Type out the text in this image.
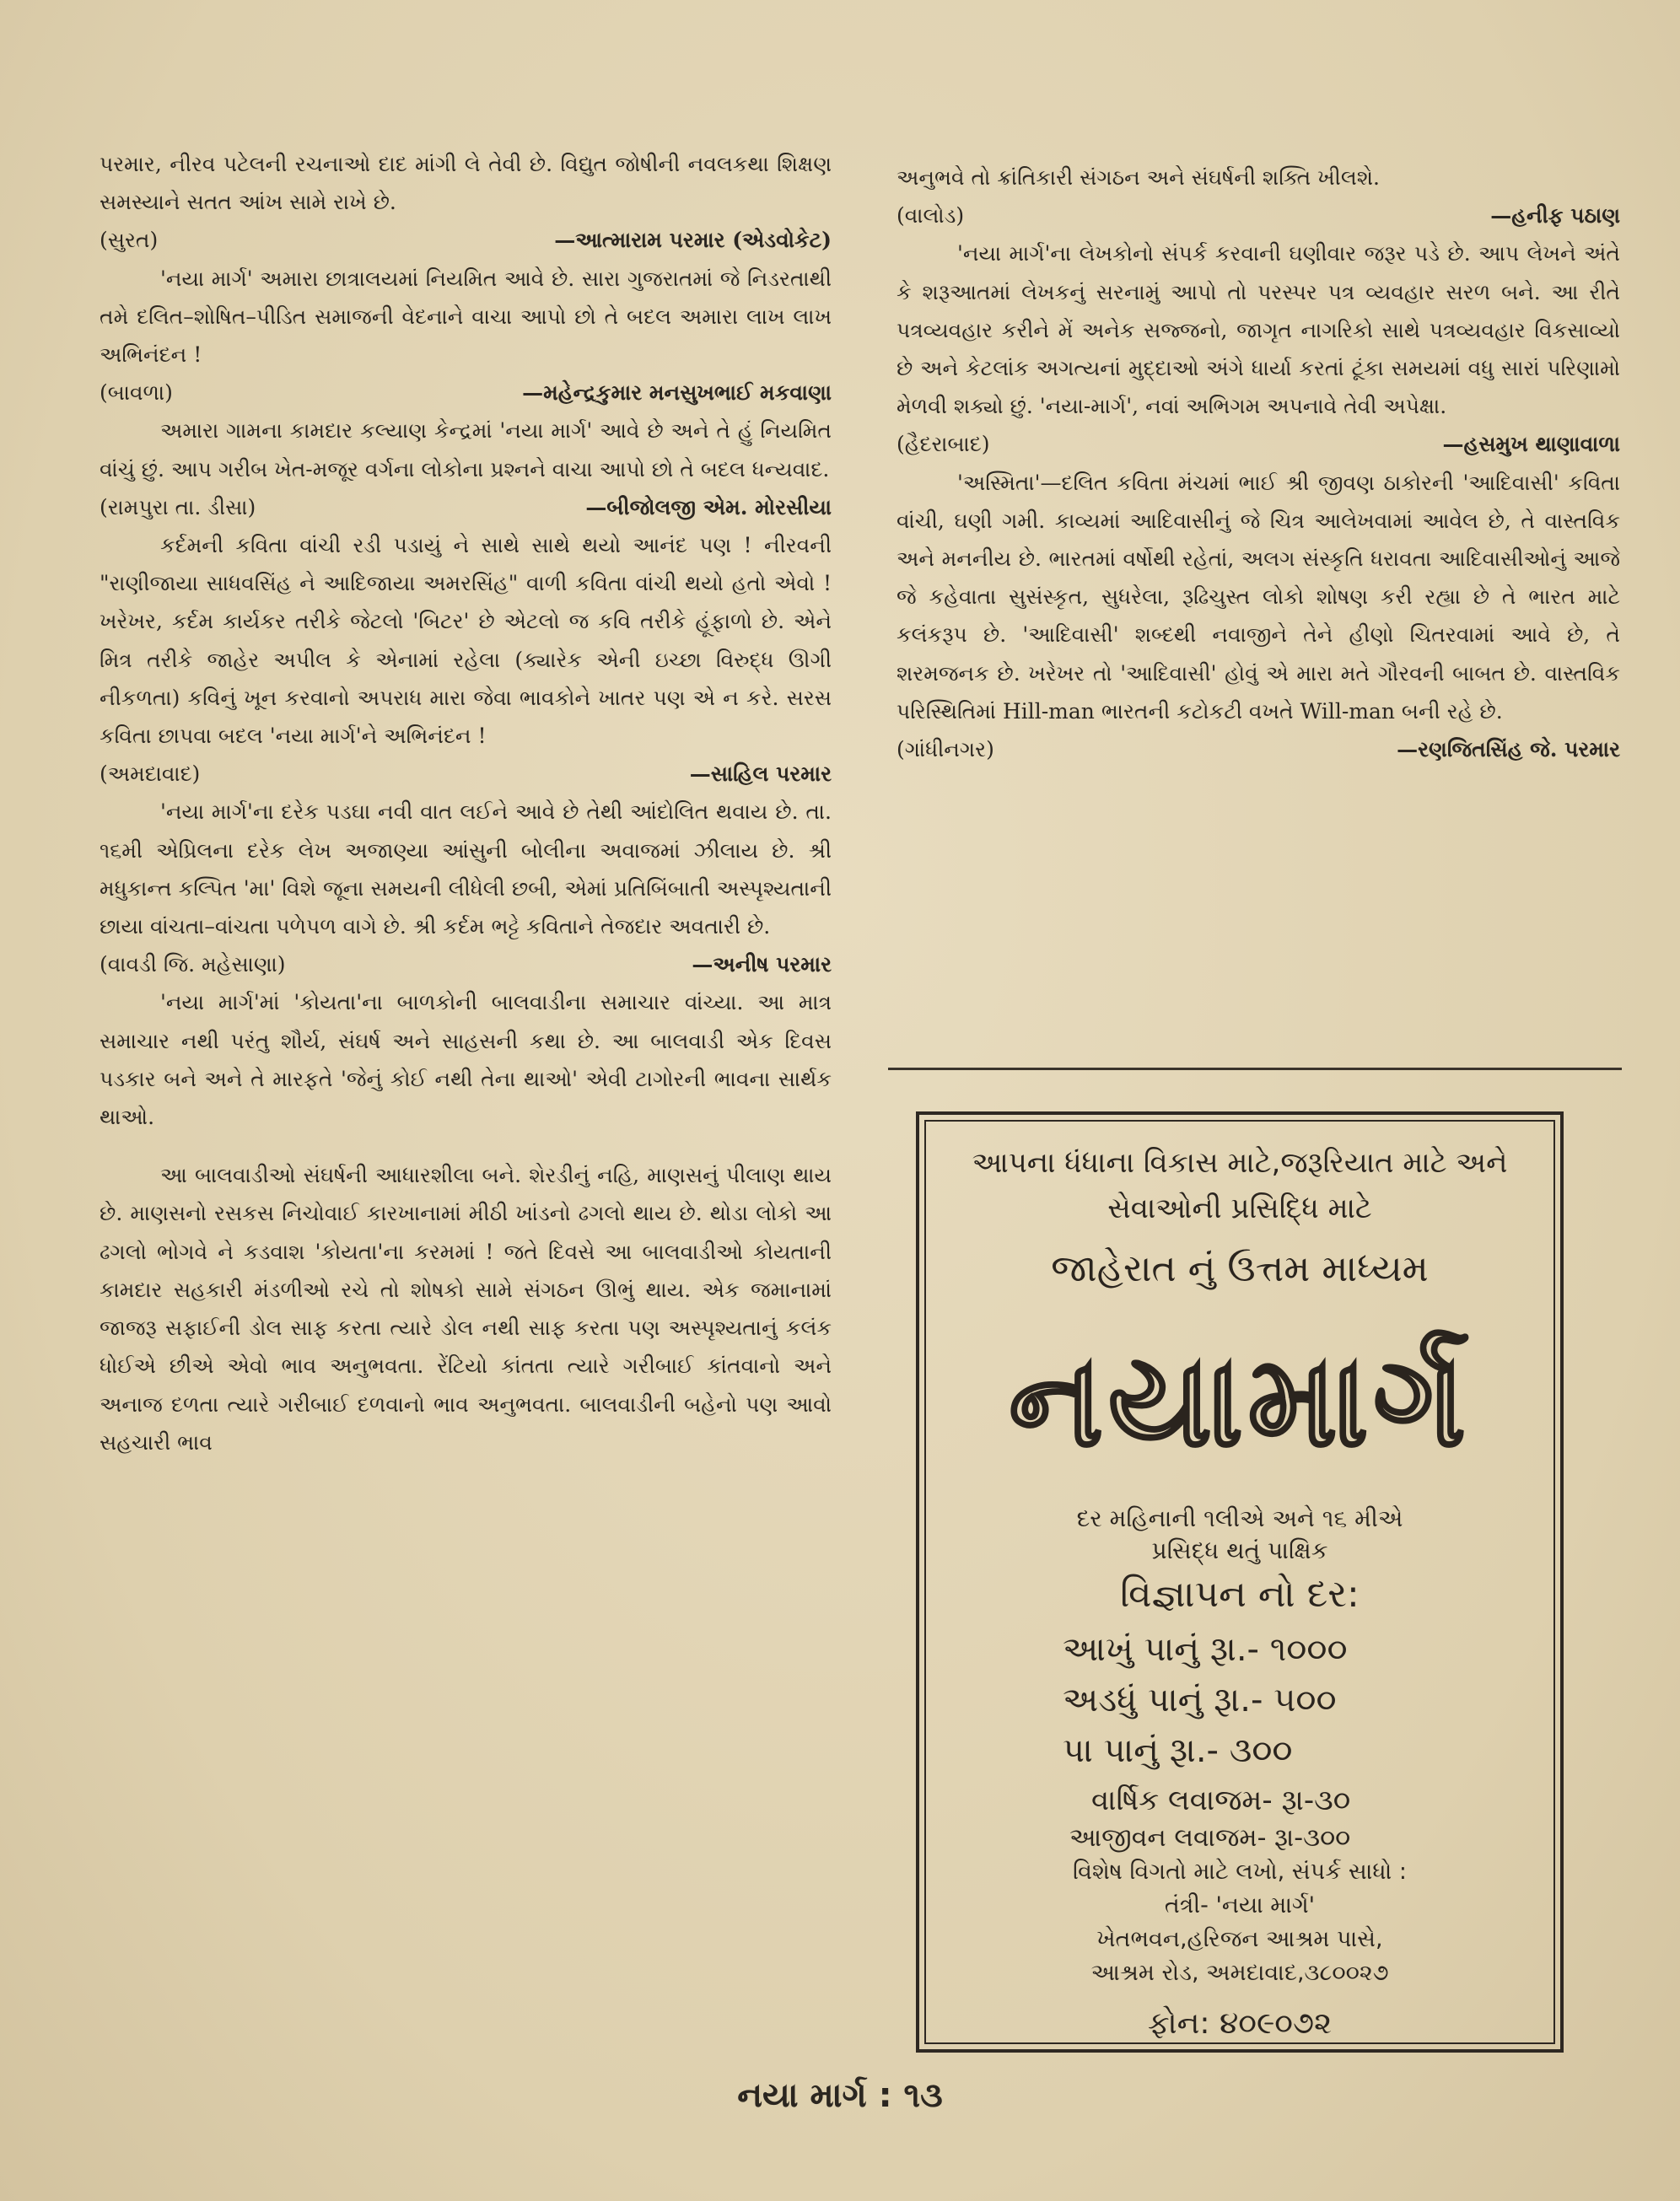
પરમાર, નીરવ પટેલની રચનાઓ દાદ માંગી લે તેવી છે. વિદ્યુત જોષીની નવલકથા શિક્ષણ સમસ્યાને સતત આંખ સામે રાખે છે.

(સુરત)	—આત્મારામ પરમાર (એડવોકેટ)

'નયા માર્ગ' અમારા છાત્રાલયમાં નિયમિત આવે છે. સારા ગુજરાતમાં જે નિડરતાથી તમે દલિત–શોષિત–પીડિત સમાજની વેદનાને વાચા આપો છો તે બદલ અમારા લાખ લાખ અભિનંદન !

(બાવળા)	—મહેન્દ્રકુમાર મનસુખભાઈ મકવાણા

અમારા ગામના કામદાર કલ્યાણ કેન્દ્રમાં 'નયા માર્ગ' આવે છે અને તે હું નિયમિત વાંચું છું. આપ ગરીબ ખેત-મજૂર વર્ગના લોકોના પ્રશ્નને વાચા આપો છો તે બદલ ધન્યવાદ.

(રામપુરા તા. ડીસા)	—બીજોલજી એમ. મોરસીયા

કર્દમની કવિતા વાંચી રડી પડાયું ને સાથે સાથે થયો આનંદ પણ ! નીરવની "રાણીજાયા સાધવસિંહ ને આદિજાયા અમરસિંહ" વાળી કવિતા વાંચી થયો હતો એવો ! ખરેખર, કર્દમ કાર્યકર તરીકે જેટલો 'બિટર' છે એટલો જ કવિ તરીકે હૂંફાળો છે. એને મિત્ર તરીકે જાહેર અપીલ કે એનામાં રહેલા (ક્યારેક એની ઇચ્છા વિરુદ્ધ ઊગી નીકળતા) કવિનું ખૂન કરવાનો અપરાધ મારા જેવા ભાવકોને ખાતર પણ એ ન કરે. સરસ કવિતા છાપવા બદલ 'નયા માર્ગ'ને અભિનંદન !

(અમદાવાદ)	—સાહિલ પરમાર

'નયા માર્ગ'ના દરેક પડઘા નવી વાત લઈને આવે છે તેથી આંદોલિત થવાય છે. તા. ૧૬મી એપ્રિલના દરેક લેખ અજાણ્યા આંસુની બોલીના અવાજમાં ઝીલાય છે. શ્રી મધુકાન્ત કલ્પિત 'મા' વિશે જૂના સમયની લીધેલી છબી, એમાં પ્રતિબિંબાતી અસ્પૃશ્યતાની છાયા વાંચતા–વાંચતા પળેપળ વાગે છે. શ્રી કર્દમ ભટ્ટે કવિતાને તેજદાર અવતારી છે.

(વાવડી જિ. મહેસાણા)	—અનીષ પરમાર

'નયા માર્ગ'માં 'કોયતા'ના બાળકોની બાલવાડીના સમાચાર વાંચ્યા. આ માત્ર સમાચાર નથી પરંતુ શૌર્ય, સંઘર્ષ અને સાહસની કથા છે. આ બાલવાડી એક દિવસ પડકાર બને અને તે મારફતે 'જેનું કોઈ નથી તેના થાઓ' એવી ટાગોરની ભાવના સાર્થક થાઓ.

આ બાલવાડીઓ સંઘર્ષની આધારશીલા બને. શેરડીનું નહિ, માણસનું પીલાણ થાય છે. માણસનો રસકસ નિચોવાઈ કારખાનામાં મીઠી ખાંડનો ઢગલો થાય છે. થોડા લોકો આ ઢગલો ભોગવે ને કડવાશ 'કોયતા'ના કરમમાં ! જતે દિવસે આ બાલવાડીઓ કોયતાની કામદાર સહકારી મંડળીઓ રચે તો શોષકો સામે સંગઠન ઊભું થાય. એક જમાનામાં જાજરૂ સફાઈની ડોલ સાફ કરતા ત્યારે ડોલ નથી સાફ કરતા પણ અસ્પૃશ્યતાનું કલંક ધોઈએ છીએ એવો ભાવ અનુભવતા. રેંટિયો કાંતતા ત્યારે ગરીબાઈ કાંતવાનો અને અનાજ દળતા ત્યારે ગરીબાઈ દળવાનો ભાવ અનુભવતા. બાલવાડીની બહેનો પણ આવો સહચારી ભાવ

અનુભવે તો ક્રાંતિકારી સંગઠન અને સંઘર્ષની શક્તિ ખીલશે.

(વાલોડ)	—હનીફ પઠાણ

'નયા માર્ગ'ના લેખકોનો સંપર્ક કરવાની ઘણીવાર જરૂર પડે છે. આપ લેખને અંતે કે શરૂઆતમાં લેખકનું સરનામું આપો તો પરસ્પર પત્ર વ્યવહાર સરળ બને. આ રીતે પત્રવ્યવહાર કરીને મેં અનેક સજ્જનો, જાગૃત નાગરિકો સાથે પત્રવ્યવહાર વિકસાવ્યો છે અને કેટલાંક અગત્યનાં મુદ્દાઓ અંગે ધાર્યા કરતાં ટૂંકા સમયમાં વધુ સારાં પરિણામો મેળવી શક્યો છું. 'નયા-માર્ગ', નવાં અભિગમ અપનાવે તેવી અપેક્ષા.

(હૈદરાબાદ)	—હસમુખ થાણાવાળા

'અસ્મિતા'—દલિત કવિતા મંચમાં ભાઈ શ્રી જીવણ ઠાકોરની 'આદિવાસી' કવિતા વાંચી, ઘણી ગમી. કાવ્યમાં આદિવાસીનું જે ચિત્ર આલેખવામાં આવેલ છે, તે વાસ્તવિક અને મનનીય છે. ભારતમાં વર્ષોથી રહેતાં, અલગ સંસ્કૃતિ ધરાવતા આદિવાસીઓનું આજે જે કહેવાતા સુસંસ્કૃત, સુધરેલા, રૂઢિચુસ્ત લોકો શોષણ કરી રહ્યા છે તે ભારત માટે કલંકરૂપ છે. 'આદિવાસી' શબ્દથી નવાજીને તેને હીણો ચિતરવામાં આવે છે, તે શરમજનક છે. ખરેખર તો 'આદિવાસી' હોવું એ મારા મતે ગૌરવની બાબત છે. વાસ્તવિક પરિસ્થિતિમાં Hill-man ભારતની કટોકટી વખતે Will-man બની રહે છે.

(ગાંધીનગર)	—રણજિતસિંહ જે. પરમાર
આપના ધંધાના વિકાસ માટે,જરૂરિયાત માટે અને
સેવાઓની પ્રસિદ્ધિ માટે
જાહેરાત નું ઉત્તમ માધ્યમ
નયામાર્ગ
દર મહિનાની ૧લીએ અને ૧૬ મીએ
પ્રસિદ્ધ થતું પાક્ષિક
વિજ્ઞાપન નો દર:
આખું પાનું રૂા.- ૧૦૦૦
અડધું પાનું રૂા.- ૫૦૦
પા પાનું રૂા.- ૩૦૦
વાર્ષિક લવાજમ- રૂા-૩૦
આજીવન લવાજમ- રૂા-૩૦૦
વિશેષ વિગતો માટે લખો, સંપર્ક સાધો :
તંત્રી- 'નયા માર્ગ'
ખેતભવન,હરિજન આશ્રમ પાસે,
આશ્રમ રોડ, અમદાવાદ,૩૮૦૦૨૭
ફોન: ૪૦૯૦૭૨
નયા માર્ગ : ૧૩
